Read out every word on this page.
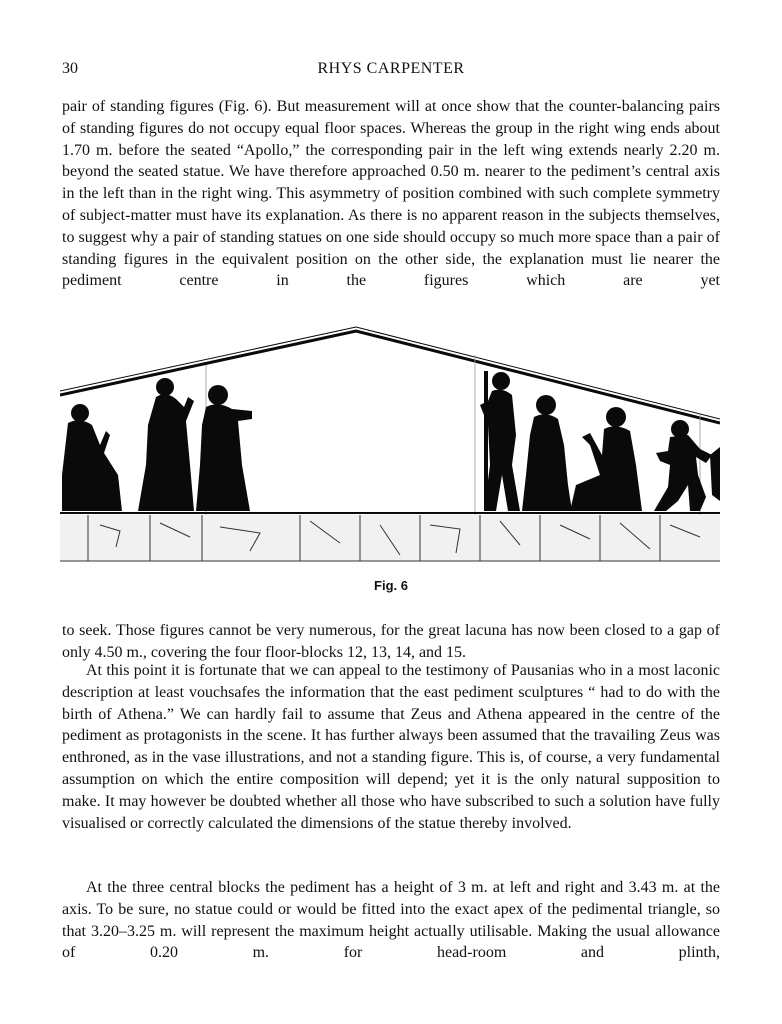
30	RHYS CARPENTER

pair of standing figures (Fig. 6). But measurement will at once show that the counter-balancing pairs of standing figures do not occupy equal floor spaces. Whereas the group in the right wing ends about 1.70 m. before the seated “Apollo,” the corresponding pair in the left wing extends nearly 2.20 m. beyond the seated statue. We have therefore approached 0.50 m. nearer to the pediment’s central axis in the left than in the right wing. This asymmetry of position combined with such complete symmetry of subject-matter must have its explanation. As there is no apparent reason in the subjects themselves, to suggest why a pair of standing statues on one side should occupy so much more space than a pair of standing figures in the equivalent position on the other side, the explanation must lie nearer the pediment centre in the figures which are yet

Fig. 6

to seek. Those figures cannot be very numerous, for the great lacuna has now been closed to a gap of only 4.50 m., covering the four floor-blocks 12, 13, 14, and 15.

At this point it is fortunate that we can appeal to the testimony of Pausanias who in a most laconic description at least vouchsafes the information that the east pediment sculptures “ had to do with the birth of Athena.” We can hardly fail to assume that Zeus and Athena appeared in the centre of the pediment as protagonists in the scene. It has further always been assumed that the travailing Zeus was enthroned, as in the vase illustrations, and not a standing figure. This is, of course, a very fundamental assumption on which the entire composition will depend; yet it is the only natural supposition to make. It may however be doubted whether all those who have subscribed to such a solution have fully visualised or correctly calculated the dimensions of the statue thereby involved.

At the three central blocks the pediment has a height of 3 m. at left and right and 3.43 m. at the axis. To be sure, no statue could or would be fitted into the exact apex of the pedimental triangle, so that 3.20–3.25 m. will represent the maximum height actually utilisable. Making the usual allowance of 0.20 m. for head-room and plinth,
